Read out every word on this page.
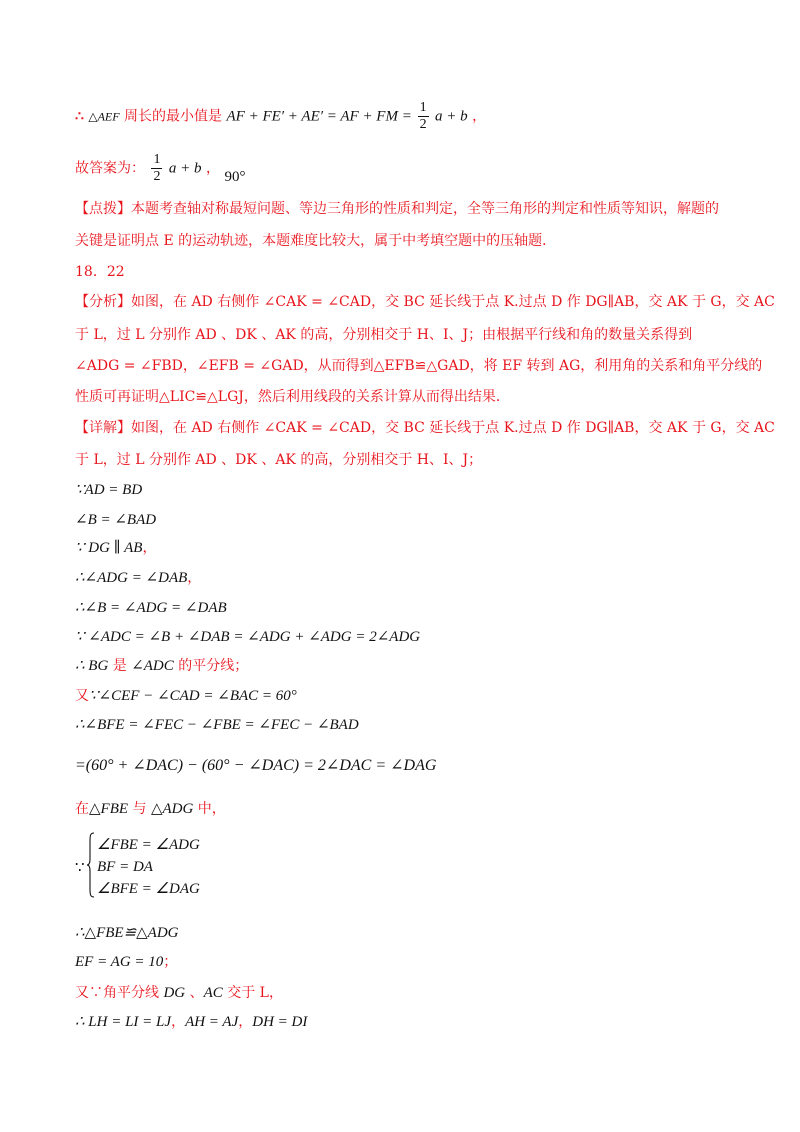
∴ △AEF 周长的最小值是 AF + FE′ + AE′ = AF + FM = $\frac{1}{2}$ a + b ，
故答案为： $\frac{1}{2}$ a + b ， 90°
【点拨】本题考查轴对称最短问题、等边三角形的性质和判定，全等三角形的判定和性质等知识，解题的
关键是证明点 E 的运动轨迹，本题难度比较大，属于中考填空题中的压轴题．
18．22
【分析】如图，在 AD 右侧作 ∠CAK = ∠CAD，交 BC 延长线于点 K.过点 D 作 DG∥AB，交 AK 于 G，交 AC
于 L，过 L 分别作 AD 、DK 、AK 的高，分别相交于 H、I、J；由根据平行线和角的数量关系得到
∠ADG = ∠FBD，∠EFB = ∠GAD，从而得到△EFB≌△GAD，将 EF 转到 AG，利用角的关系和角平分线的
性质可再证明△LIC≌△LGJ，然后利用线段的关系计算从而得出结果．
【详解】如图，在 AD 右侧作 ∠CAK = ∠CAD，交 BC 延长线于点 K.过点 D 作 DG∥AB，交 AK 于 G，交 AC
于 L，过 L 分别作 AD 、DK 、AK 的高，分别相交于 H、I、J；
∵AD = BD
∠B = ∠BAD
∵ DG ∥ AB，
∴∠ADG = ∠DAB，
∴∠B = ∠ADG = ∠DAB
∵ ∠ADC = ∠B + ∠DAB = ∠ADG + ∠ADG = 2∠ADG
∴ BG 是 ∠ADC 的平分线；
又∵∠CEF − ∠CAD = ∠BAC = 60°
∴∠BFE = ∠FEC − ∠FBE = ∠FEC − ∠BAD
=(60° + ∠DAC) − (60° − ∠DAC) = 2∠DAC = ∠DAG
在△FBE 与 △ADG 中，
∵
∠FBE = ∠ADG
BF = DA
∠BFE = ∠DAG
∴△FBE≌△ADG
EF = AG = 10；
又∵角平分线 DG 、AC 交于 L，
∴ LH = LI = LJ，AH = AJ，DH = DI
